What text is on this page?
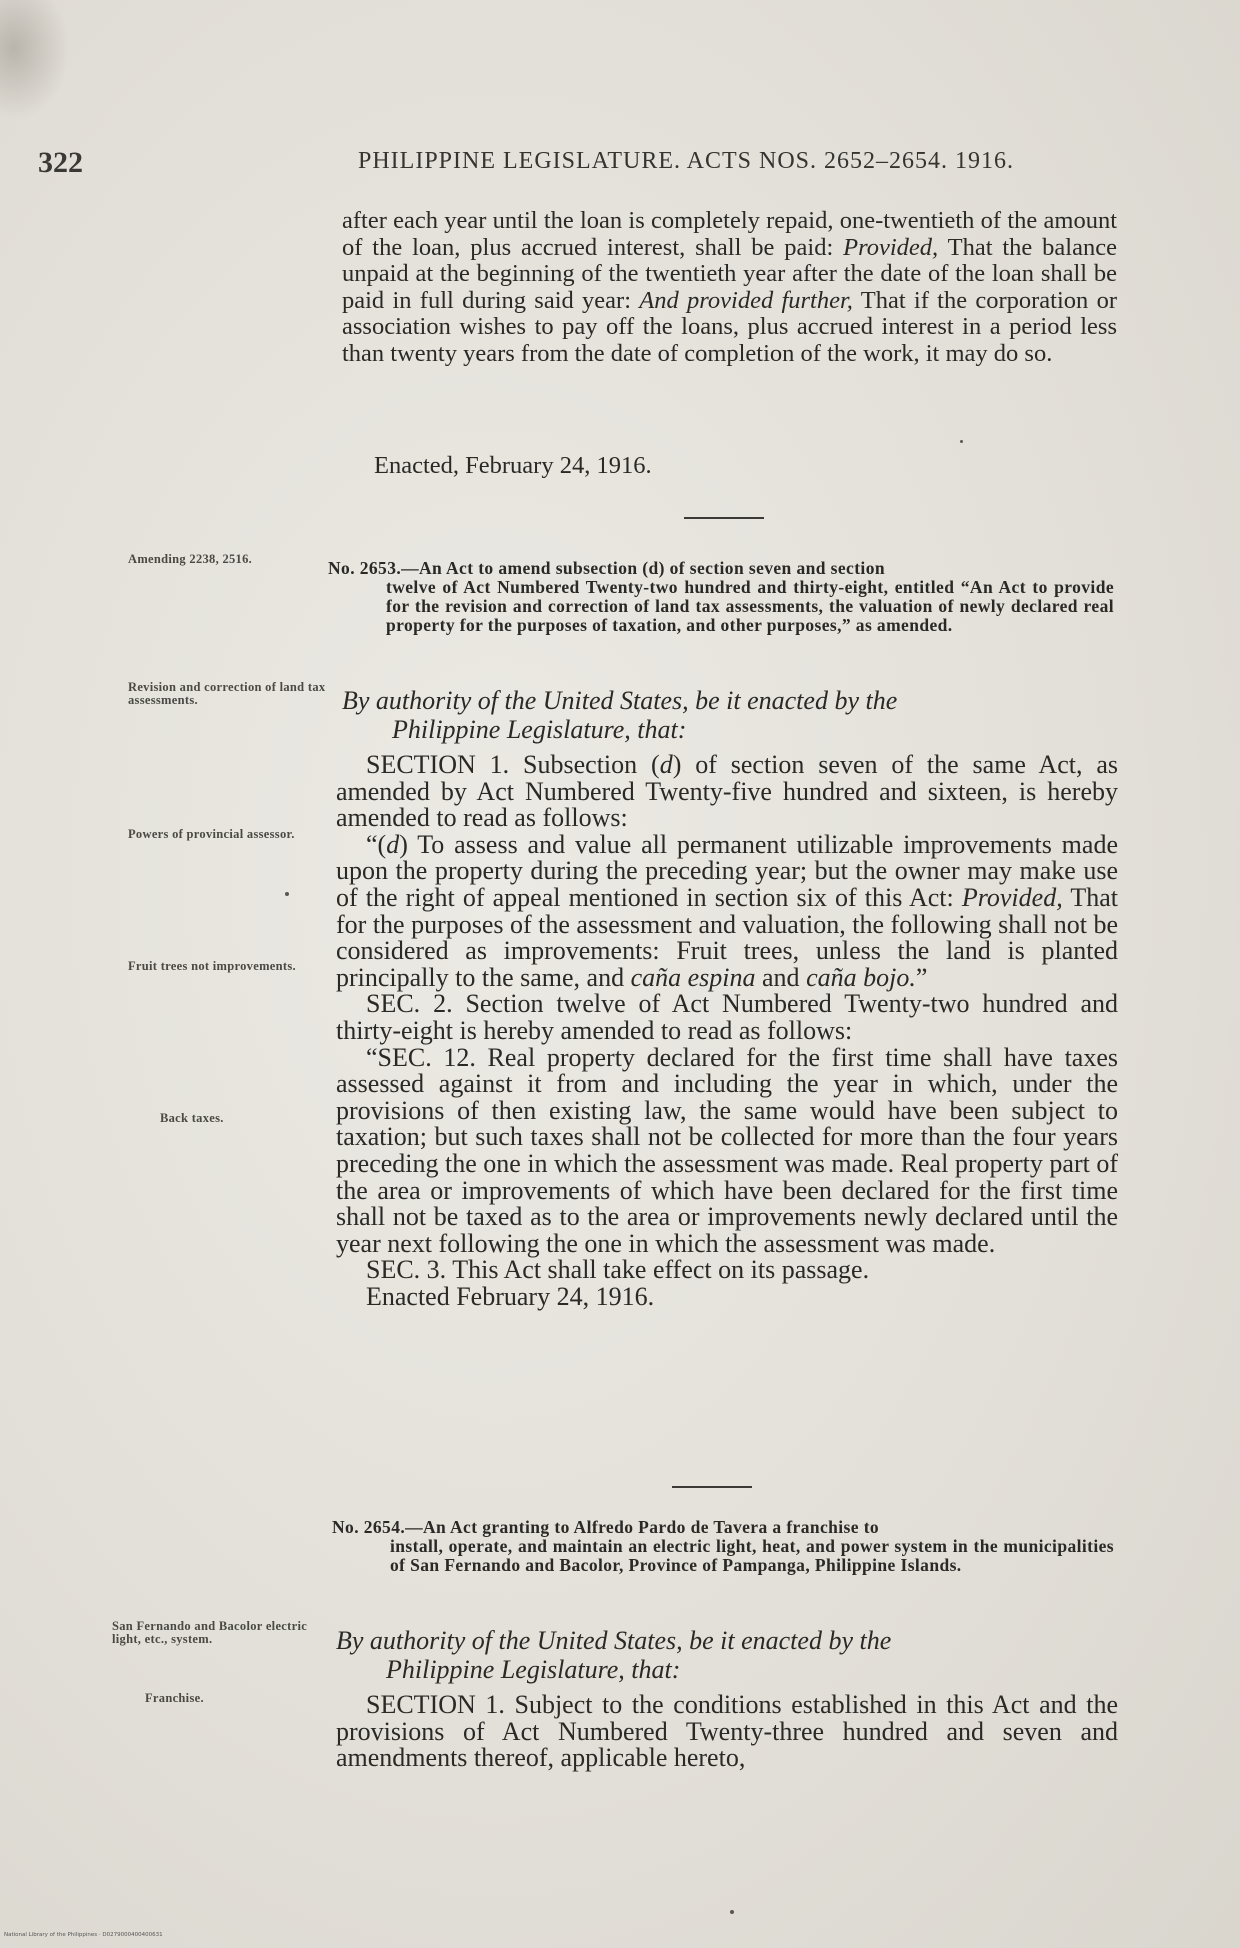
322	PHILIPPINE LEGISLATURE. ACTS NOS. 2652–2654. 1916.
after each year until the loan is completely repaid, one-twentieth of the amount of the loan, plus accrued interest, shall be paid: Provided, That the balance unpaid at the beginning of the twentieth year after the date of the loan shall be paid in full during said year: And provided further, That if the corporation or association wishes to pay off the loans, plus accrued interest in a period less than twenty years from the date of completion of the work, it may do so.
Enacted, February 24, 1916.
Amending 2238, 2516.	No. 2653.—An Act to amend subsection (d) of section seven and section
twelve of Act Numbered Twenty-two hundred and thirty-eight, entitled “An Act to provide for the revision and correction of land tax assessments, the valuation of newly declared real property for the purposes of taxation, and other purposes,” as amended.
Revision and correction of land tax assessments.	By authority of the United States, be it enacted by the
Philippine Legislature, that:
Powers of provincial assessor.
Fruit trees not improvements.
Back taxes.

SECTION 1. Subsection (d) of section seven of the same Act, as amended by Act Numbered Twenty-five hundred and sixteen, is hereby amended to read as follows:

“(d) To assess and value all permanent utilizable improvements made upon the property during the preceding year; but the owner may make use of the right of appeal mentioned in section six of this Act: Provided, That for the purposes of the assessment and valuation, the following shall not be considered as improvements: Fruit trees, unless the land is planted principally to the same, and caña espina and caña bojo.”

SEC. 2. Section twelve of Act Numbered Twenty-two hundred and thirty-eight is hereby amended to read as follows:

“SEC. 12. Real property declared for the first time shall have taxes assessed against it from and including the year in which, under the provisions of then existing law, the same would have been subject to taxation; but such taxes shall not be collected for more than the four years preceding the one in which the assessment was made. Real property part of the area or improvements of which have been declared for the first time shall not be taxed as to the area or improvements newly declared until the year next following the one in which the assessment was made.

SEC. 3. This Act shall take effect on its passage.

Enacted February 24, 1916.

No. 2654.—An Act granting to Alfredo Pardo de Tavera a franchise to
install, operate, and maintain an electric light, heat, and power system in the municipalities of San Fernando and Bacolor, Province of Pampanga, Philippine Islands.
San Fernando and Bacolor electric light, etc., system.	By authority of the United States, be it enacted by the
Philippine Legislature, that:
Franchise.	SECTION 1. Subject to the conditions established in this Act and the provisions of Act Numbered Twenty-three hundred and seven and amendments thereof, applicable hereto,

National Library of the Philippines · D0279000400400631
